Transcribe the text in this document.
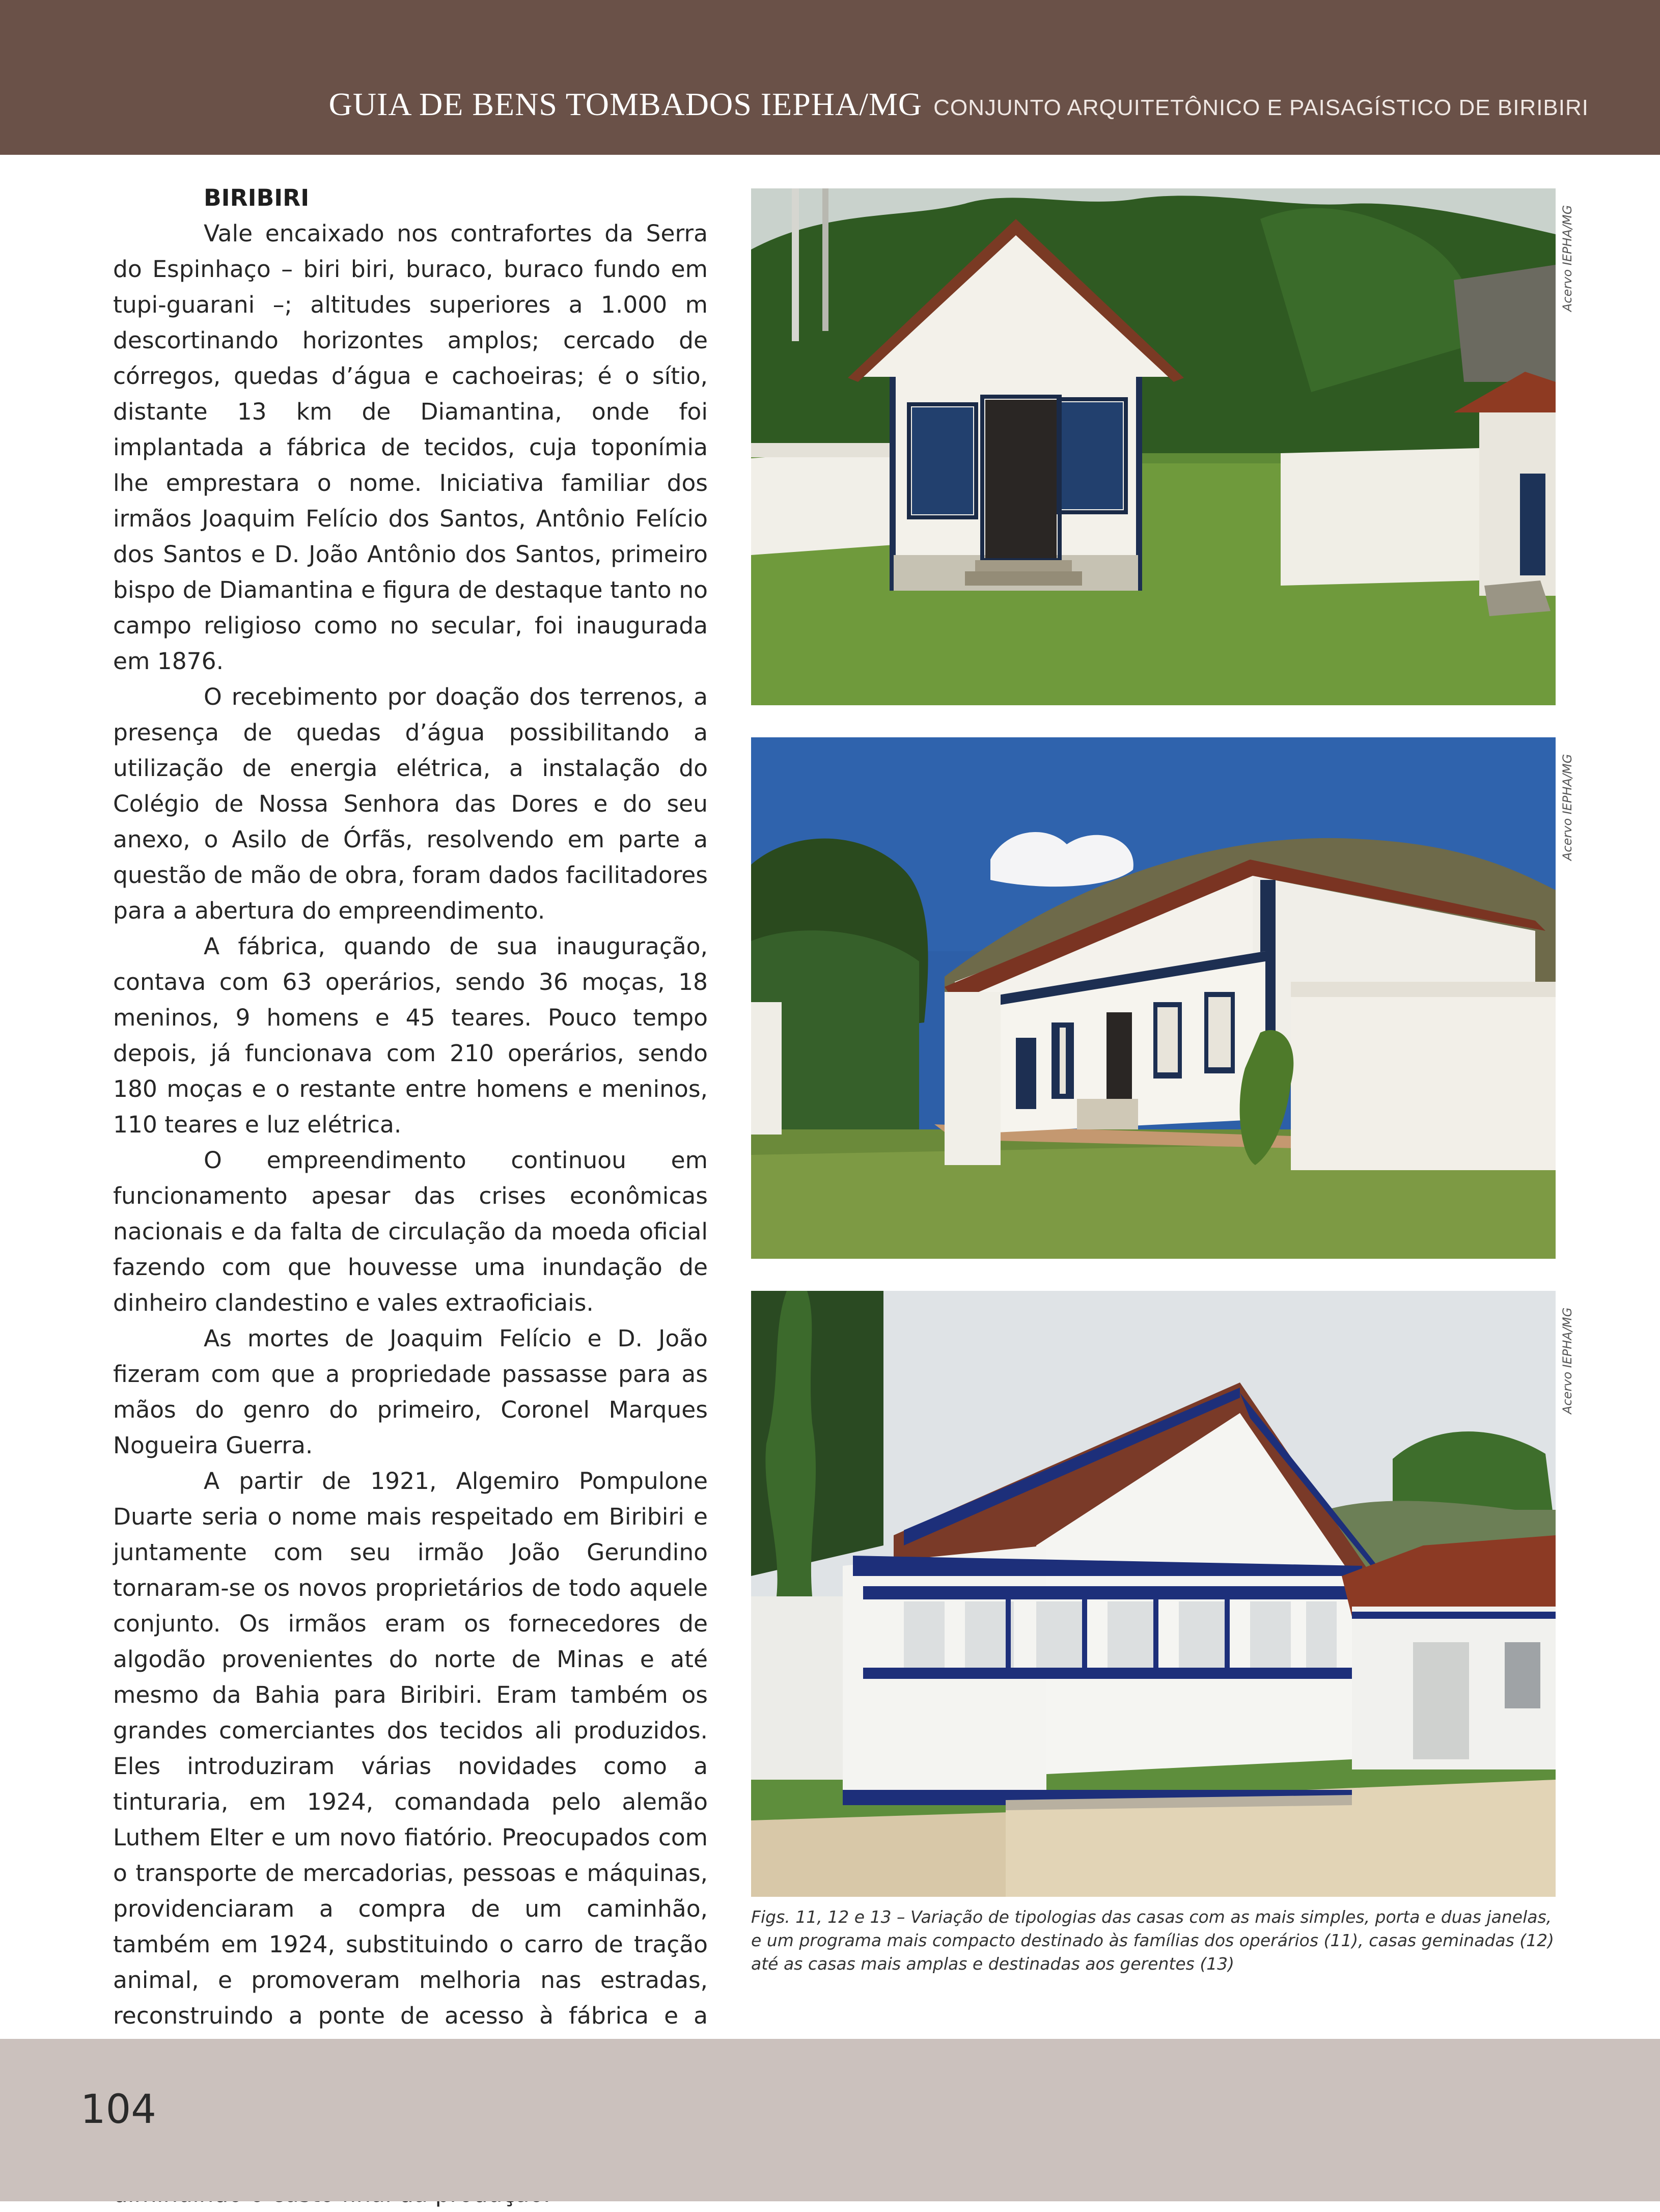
GUIA DE BENS TOMBADOS IEPHA/MG CONJUNTO ARQUITETÔNICO E PAISAGÍSTICO DE BIRIBIRI
BIRIBIRI

Vale encaixado nos contrafortes da Serra do Espinhaço – biri biri, buraco, buraco fundo em tupi-guarani –; altitudes superiores a 1.000 m descortinando horizontes amplos; cercado de córregos, quedas d’água e cachoeiras; é o sítio, distante 13 km de Diamantina, onde foi implantada a fábrica de tecidos, cuja toponímia lhe emprestara o nome. Iniciativa familiar dos irmãos Joaquim Felício dos Santos, Antônio Felício dos Santos e D. João Antônio dos Santos, primeiro bispo de Diamantina e figura de destaque tanto no campo religioso como no secular, foi inaugurada em 1876.

O recebimento por doação dos terrenos, a presença de quedas d’água possibilitando a utilização de energia elétrica, a instalação do Colégio de Nossa Senhora das Dores e do seu anexo, o Asilo de Órfãs, resolvendo em parte a questão de mão de obra, foram dados facilitadores para a abertura do empreendimento.

A fábrica, quando de sua inauguração, contava com 63 operários, sendo 36 moças, 18 meninos, 9 homens e 45 teares. Pouco tempo depois, já funcionava com 210 operários, sendo 180 moças e o restante entre homens e meninos, 110 teares e luz elétrica.

O empreendimento continuou em funcionamento apesar das crises econômicas nacionais e da falta de circulação da moeda oficial fazendo com que houvesse uma inundação de dinheiro clandestino e vales extraoficiais.

As mortes de Joaquim Felício e D. João fizeram com que a propriedade passasse para as mãos do genro do primeiro, Coronel Marques Nogueira Guerra.

A partir de 1921, Algemiro Pompulone Duarte seria o nome mais respeitado em Biribiri e juntamente com seu irmão João Gerundino tornaram-se os novos proprietários de todo aquele conjunto. Os irmãos eram os fornecedores de algodão provenientes do norte de Minas e até mesmo da Bahia para Biribiri. Eram também os grandes comerciantes dos tecidos ali produzidos. Eles introduziram várias novidades como a tinturaria, em 1924, comandada pelo alemão Luthem Elter e um novo fiatório. Preocupados com o transporte de mercadorias, pessoas e máquinas, providenciaram a compra de um caminhão, também em 1924, substituindo o carro de tração animal, e promoveram melhoria nas estradas, reconstruindo a ponte de acesso à fábrica e a

Acervo IEPHA/MG
Acervo IEPHA/MG
Acervo IEPHA/MG
Figs. 11, 12 e 13 – Variação de tipologias das casas com as mais simples, porta e duas janelas, e um programa mais compacto destinado às famílias dos operários (11), casas geminadas (12) até as casas mais amplas e destinadas aos gerentes (13)
104
